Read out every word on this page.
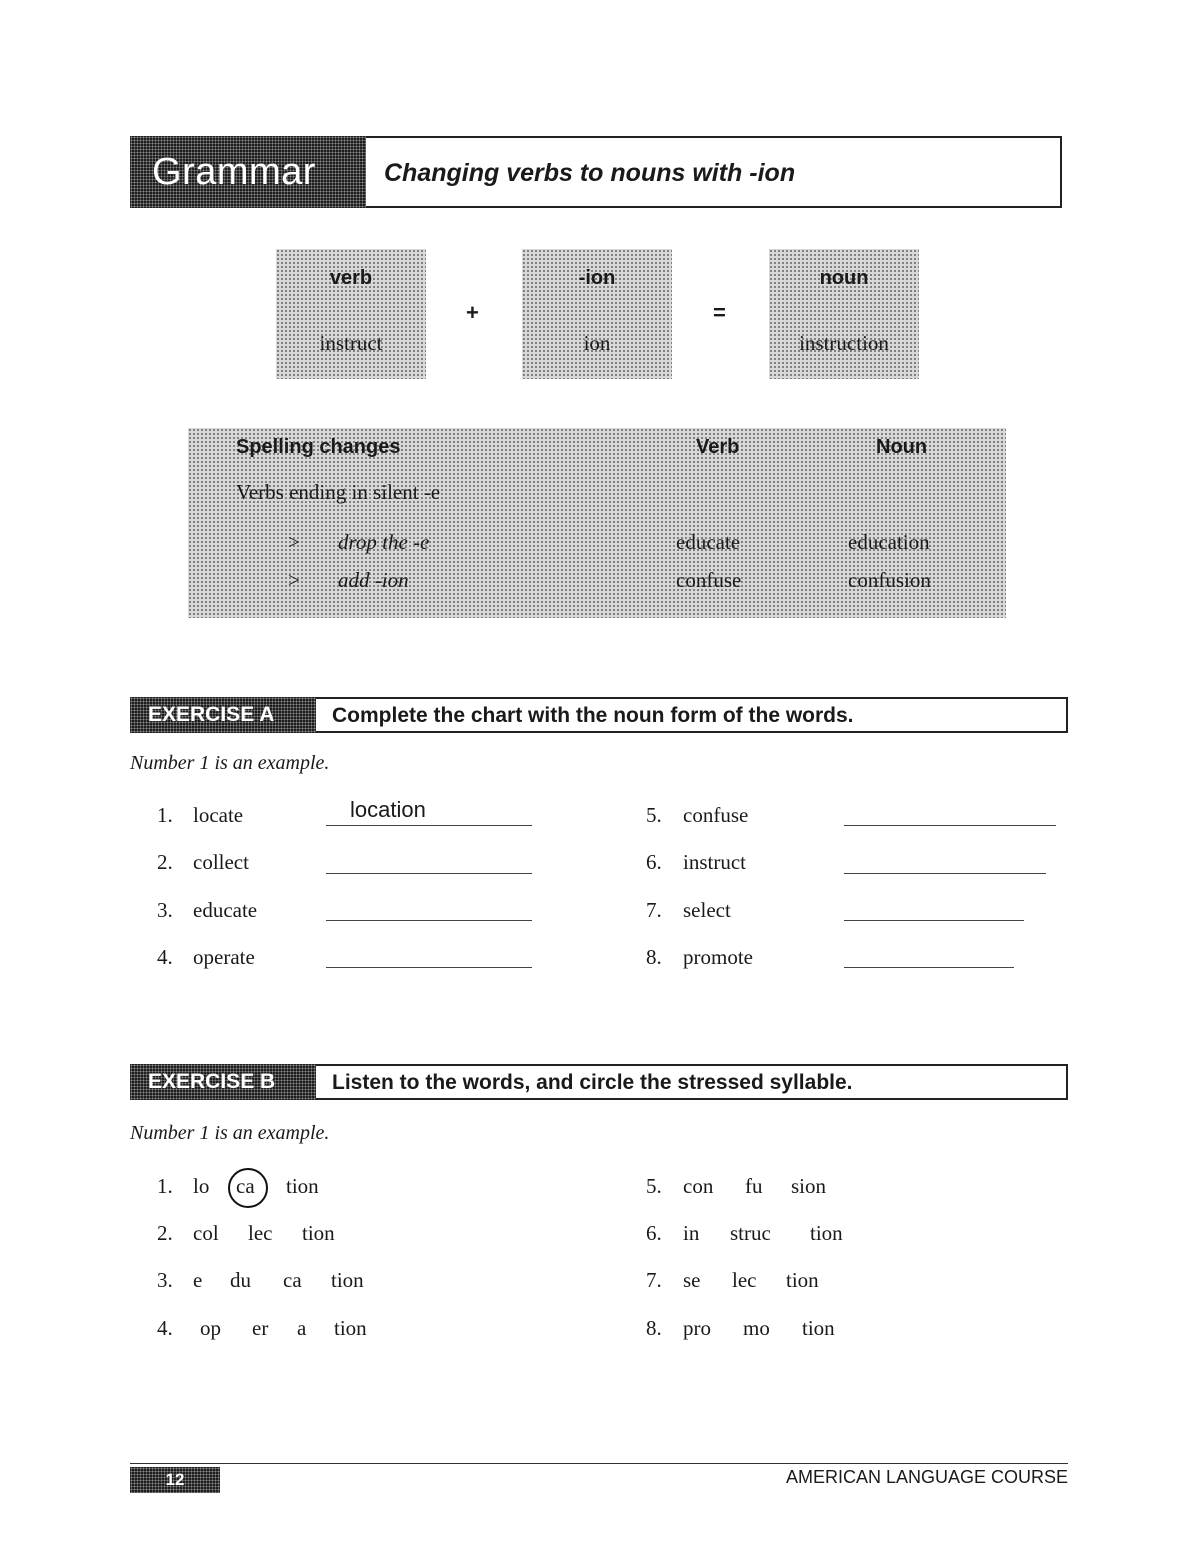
Grammar	Changing verbs to nouns with -ion
verb
instruct
+
-ion
ion
=
noun
instruction
Spelling changes	Verb	Noun
Verbs ending in silent -e
> drop the -e	educate	education
> add -ion	confuse	confusion
EXERCISE A	Complete the chart with the noun form of the words.
Number 1 is an example.
1. locate	location
2. collect
3. educate
4. operate
5. confuse
6. instruct
7. select
8. promote
EXERCISE B	Listen to the words, and circle the stressed syllable.
Number 1 is an example.
1. lo ca tion
2. col lec tion
3. e du ca tion
4. op er a tion
5. con fu sion
6. in struc tion
7. se lec tion
8. pro mo tion
12	AMERICAN LANGUAGE COURSE
